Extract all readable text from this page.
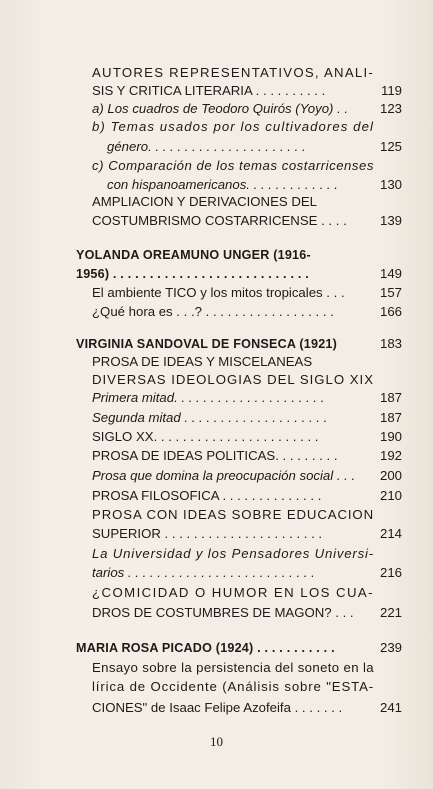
AUTORES REPRESENTATIVOS, ANALI-
SIS Y CRITICA LITERARIA . . . . . . . . . .	119
a) Los cuadros de Teodoro Quirós (Yoyo) . .	123
b) Temas usados por los cultivadores del
género. . . . . . . . . . . . . . . . . . . . . .	125
c) Comparación de los temas costarricenses
con hispanoamericanos. . . . . . . . . . . . .	130
AMPLIACION Y DERIVACIONES DEL
COSTUMBRISMO COSTARRICENSE . . . .	139
YOLANDA OREAMUNO UNGER (1916-
1956) . . . . . . . . . . . . . . . . . . . . . . . . . . .	149
El ambiente TICO y los mitos tropicales . . .	157
¿Qué hora es . . .? . . . . . . . . . . . . . . . . . .	166
VIRGINIA SANDOVAL DE FONSECA (1921)	183
PROSA DE IDEAS Y MISCELANEAS
DIVERSAS IDEOLOGIAS DEL SIGLO XIX
Primera mitad. . . . . . . . . . . . . . . . . . . . .	187
Segunda mitad . . . . . . . . . . . . . . . . . . . .	187
SIGLO XX. . . . . . . . . . . . . . . . . . . . . . .	190
PROSA DE IDEAS POLITICAS. . . . . . . . .	192
Prosa que domina la preocupación social . . .	200
PROSA FILOSOFICA . . . . . . . . . . . . . .	210
PROSA CON IDEAS SOBRE EDUCACION
SUPERIOR . . . . . . . . . . . . . . . . . . . . . .	214
La Universidad y los Pensadores Universi-
tarios . . . . . . . . . . . . . . . . . . . . . . . . . .	216
¿COMICIDAD O HUMOR EN LOS CUA-
DROS DE COSTUMBRES DE MAGON? . . .	221
MARIA ROSA PICADO (1924) . . . . . . . . . . .	239
Ensayo sobre la persistencia del soneto en la
lírica de Occidente (Análisis sobre "ESTA-
CIONES" de Isaac Felipe Azofeifa . . . . . . .	241
10
